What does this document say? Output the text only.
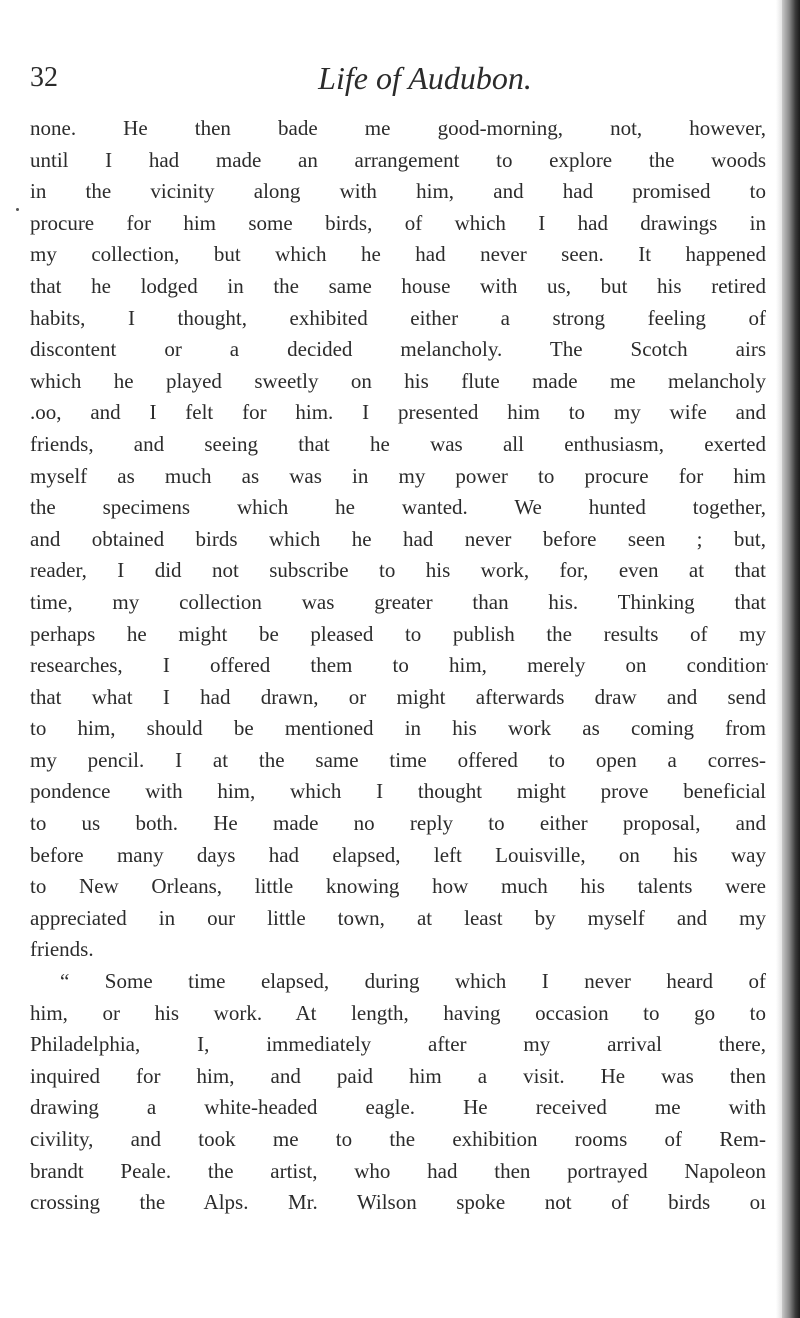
32	Life of Audubon.
none. He then bade me good-morning, not, however,
until I had made an arrangement to explore the woods
in the vicinity along with him, and had promised to
procure for him some birds, of which I had drawings in
my collection, but which he had never seen. It happened
that he lodged in the same house with us, but his retired
habits, I thought, exhibited either a strong feeling of
discontent or a decided melancholy. The Scotch airs
which he played sweetly on his flute made me melancholy
.oo, and I felt for him. I presented him to my wife and
friends, and seeing that he was all enthusiasm, exerted
myself as much as was in my power to procure for him
the specimens which he wanted. We hunted together,
and obtained birds which he had never before seen ; but,
reader, I did not subscribe to his work, for, even at that
time, my collection was greater than his. Thinking that
perhaps he might be pleased to publish the results of my
researches, I offered them to him, merely on condition
that what I had drawn, or might afterwards draw and send
to him, should be mentioned in his work as coming from
my pencil. I at the same time offered to open a corres-
pondence with him, which I thought might prove beneficial
to us both. He made no reply to either proposal, and
before many days had elapsed, left Louisville, on his way
to New Orleans, little knowing how much his talents were
appreciated in our little town, at least by myself and my
friends.
“ Some time elapsed, during which I never heard of
him, or his work. At length, having occasion to go to
Philadelphia, I, immediately after my arrival there,
inquired for him, and paid him a visit. He was then
drawing a white-headed eagle. He received me with
civility, and took me to the exhibition rooms of Rem-
brandt Peale. the artist, who had then portrayed Napoleon
crossing the Alps. Mr. Wilson spoke not of birds oı
